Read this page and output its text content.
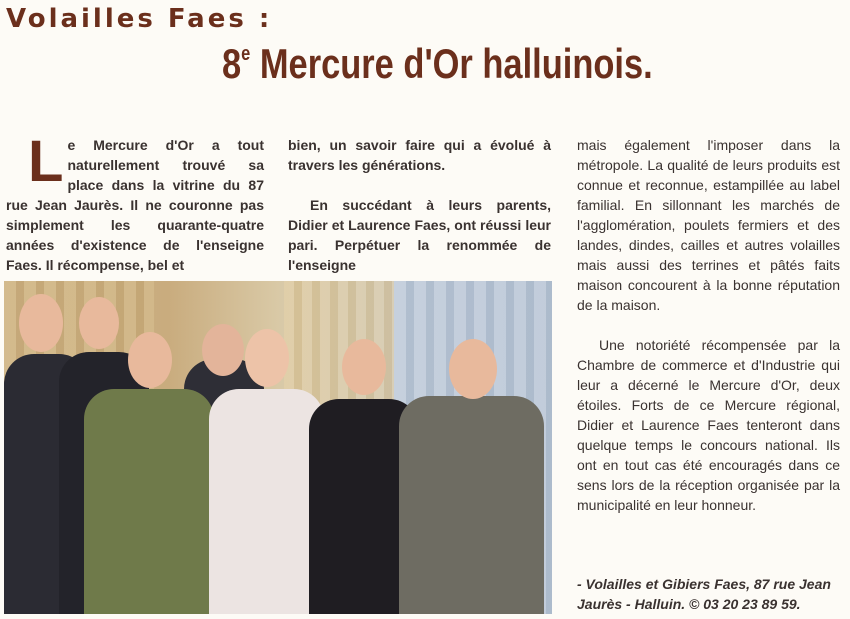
Volailles Faes :
8e Mercure d'Or halluinois.
L e Mercure d'Or a tout naturellement trouvé sa place dans la vitrine du 87 rue Jean Jaurès. Il ne couronne pas simplement les quarante-quatre années d'existence de l'enseigne Faes. Il récompense, bel et

bien, un savoir faire qui a évolué à travers les générations.

En succédant à leurs parents, Didier et Laurence Faes, ont réussi leur pari. Perpétuer la renommée de l'enseigne

mais également l'imposer dans la métropole. La qualité de leurs produits est connue et reconnue, estampillée au label familial. En sillonnant les marchés de l'agglomération, poulets fermiers et des landes, dindes, cailles et autres volailles mais aussi des terrines et pâtés faits maison concourent à la bonne réputation de la maison.

Une notoriété récompensée par la Chambre de commerce et d'Industrie qui leur a décerné le Mercure d'Or, deux étoiles. Forts de ce Mercure régional, Didier et Laurence Faes tenteront dans quelque temps le concours national. Ils ont en tout cas été encouragés dans ce sens lors de la réception organisée par la municipalité en leur honneur.

- Volailles et Gibiers Faes, 87 rue Jean Jaurès - Halluin. © 03 20 23 89 59.
